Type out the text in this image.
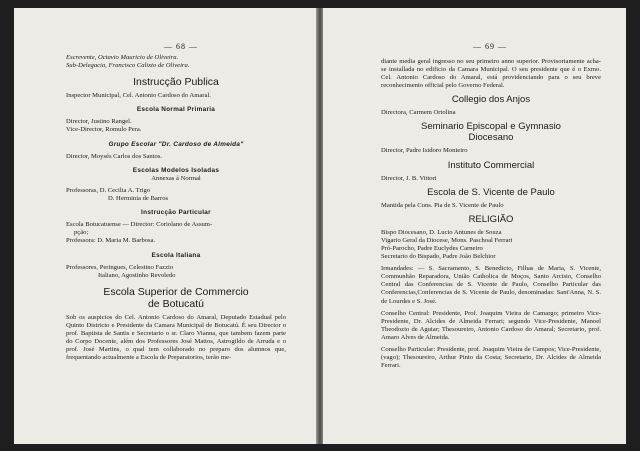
— 68 —
Escrevente, Octavio Mauricio de Oliveira.
Sub-Delegacia, Francisco Calixto de Oliveira.
Instrucção Publica
Inspector Municipal, Cel. Antonio Cardoso do Amaral.
Escola Normal Primaria
Director, Justino Rangel.
Vice-Director, Romulo Pera.
Grupo Escolar "Dr. Cardoso de Almeida"
Director, Moysés Carlos dos Santos.
Escolas Modelos Isoladas
Annexas á Normal
Professoras, D. Cecilia A. Trigo
D. Herminia de Barros
Instrucção Particular
Escola Botucatuense — Director: Coriolano de Assum-
pção;
Professora: D. Maria M. Barbosa.
Escola Italiana
Professores, Peringues, Celestino Fazzio
Italiano, Agostinho Revoledo
Escola Superior de Commercio
de Botucatú
Sob os auspicios do Cel. Antonio Cardoso do Amaral, Deputado Estadual pelo Quinto Districto e Presidente da Camara Municipal de Botucatú. É seu Director o prof. Baptista de Santis e Secretario o sr. Claro Vianna, que tambem fazem parte do Corpo Docente, além dos Professores José Mattos, Astrogildo de Arruda e o prof. José Martins, o qual tem collaborado no preparo dos alumnos que, frequentando actualmente a Escola de Preparatorios, terão me-
— 69 —
diante media geral ingresso no seu primeiro anno superior. Provisoriamente acha-se installada no edificio da Camara Municipal. O seu presidente que é o Exmo. Cel. Antonio Cardoso do Amaral, está providenciando para o seu breve reconhecimento official pelo Governo Federal.
Collegio dos Anjos
Directora, Carmem Ortolina
Seminario Episcopal e Gymnasio
Diocesano
Director, Padre Isidoro Monteiro
Instituto Commercial
Director, J. B. Vittori
Escola de S. Vicente de Paulo
Mantida pela Cons. Pia de S. Vicente de Paulo
RELIGIÃO
Bispo Diocesano, D. Lucio Antunes de Souza
Vigario Geral da Diocese, Mons. Paschoal Ferrari
Pró-Parocho, Padre Euclydes Carneiro
Secretario do Bispado, Padre João Belchior
Irmandades: — S. Sacramento, S. Benedicto, Filhas de Maria, S. Vicente, Communhão Reparadora, União Catholica de Moços, Santo Arcisio, Conselho Central das Conferencias de S. Vicente de Paulo, Conselho Particular das Conferencias,Conferencias de S. Vicente de Paulo, denominadas: Sant'Anna, N. S. de Lourdes e S. José.
Conselho Central: Presidente, Prof. Joaquim Vieira de Camargo; primeiro Vice-Presidente, Dr. Alcides de Almeida Ferrari; segundo Vice-Presidente, Manoel Theodozio de Aguiar; Thesoureiro, Antonio Cardoso do Amaral; Secretario, prof. Amaro Alves de Almeida.
Conselho Particular: Presidente, prof. Joaquim Vieira de Campos; Vice-Presidente, (vago); Thesoureiro, Arthur Pinto da Costa; Secretario, Dr. Alcides de Almeida Ferrari.
